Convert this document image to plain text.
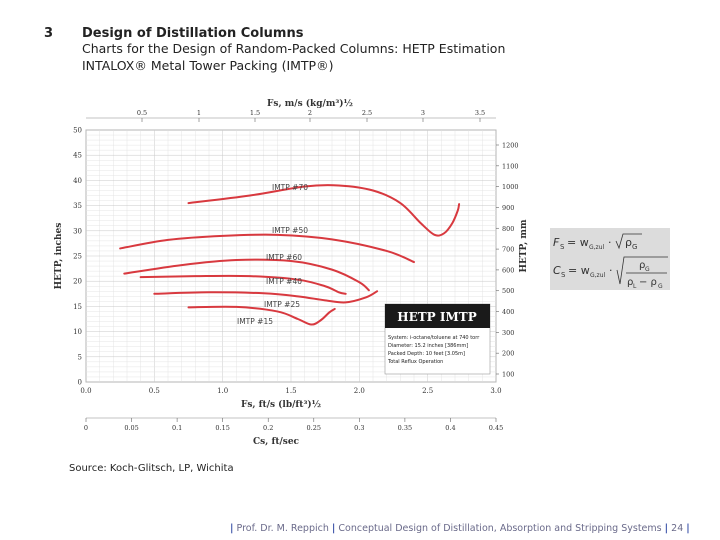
3 Design of Distillation Columns
Charts for the Design of Random-Packed Columns: HETP Estimation
INTALOX® Metal Tower Packing (IMTP®)
0.0	0.5	1.0	1.5	2.0	2.5	3.0
Fs, ft/s (lb/ft³)½
0
5
10
15
20
25
30
35
40
45
50
HETP, inches
100
200
300
400
500
600
700
800
900
1000
1100
1200
HETP, mm
Fs, m/s (kg/m³)½
0.5	1	1.5	2	2.5	3	3.5
0	0.05	0.1	0.15	0.2	0.25	0.3	0.35	0.4	0.45
Cs, ft/sec
IMTP #70
IMTP #50
IMTP #60
IMTP #40
IMTP #25
IMTP #15	HETP IMTP
System: i-octane/toluene at 740 torr
Diameter: 15.2 inches [386mm]
Packed Depth: 10 feet [3.05m]
Total Reflux Operation
F S = w G,zul · ρ G
C S = w G,zul ·	ρ G
ρ L − ρ G
Source: Koch-Glitsch, LP, Wichita
| Prof. Dr. M. Reppich | Conceptual Design of Distillation, Absorption and Stripping Systems | 24 |
